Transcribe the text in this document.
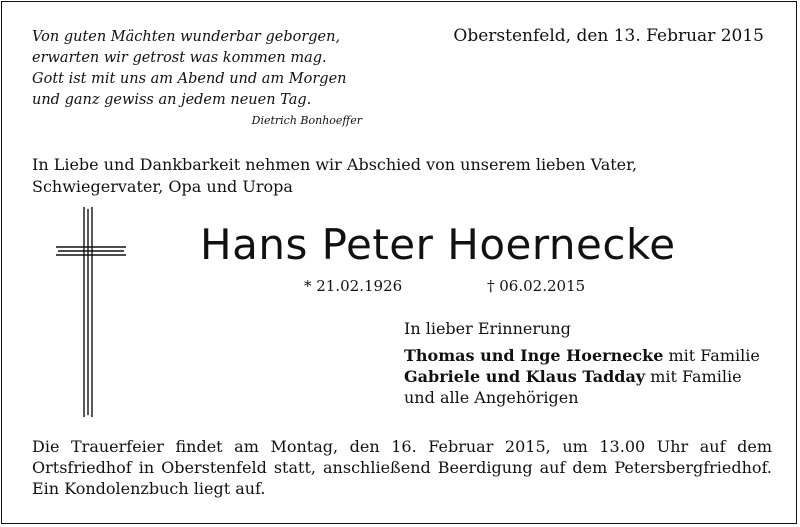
Von guten Mächten wunderbar geborgen,
erwarten wir getrost was kommen mag.
Gott ist mit uns am Abend und am Morgen
und ganz gewiss an jedem neuen Tag.
Dietrich Bonhoeffer
Oberstenfeld, den 13. Februar 2015
In Liebe und Dankbarkeit nehmen wir Abschied von unserem lieben Vater,
Schwiegervater, Opa und Uropa
Hans Peter Hoernecke
* 21.02.1926	† 06.02.2015
In lieber Erinnerung
Thomas und Inge Hoernecke mit Familie
Gabriele und Klaus Tadday mit Familie
und alle Angehörigen
Die Trauerfeier findet am Montag, den 16. Februar 2015, um 13.00 Uhr auf dem
Ortsfriedhof in Oberstenfeld statt, anschließend Beerdigung auf dem Petersbergfriedhof.
Ein Kondolenzbuch liegt auf.
